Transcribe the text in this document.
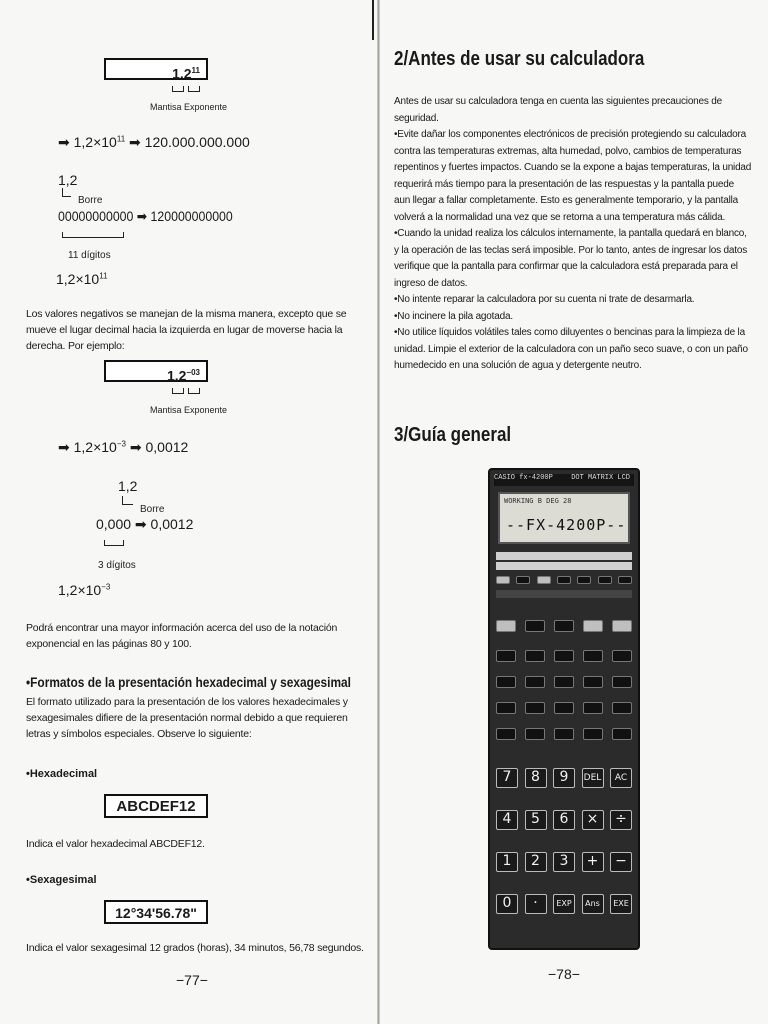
$1.2^{11}$
Mantisa Exponente
➡ $1,2\times 10^{11}$ ➡ 120.000.000.000
1,2
Borre
00000000000 ➡ 120000000000
11 dígitos
$1,2\times 10^{11}$
Los valores negativos se manejan de la misma manera, excepto que se mueve el lugar decimal hacia la izquierda en lugar de moverse hacia la derecha. Por ejemplo:
$1.2^{-03}$
Mantisa Exponente
➡ $1,2\times 10^{-3}$ ➡ 0,0012
1,2
Borre
0,000 ➡ 0,0012
3 dígitos
$1,2\times 10^{-3}$
Podrá encontrar una mayor información acerca del uso de la notación exponencial en las páginas 80 y 100.
•Formatos de la presentación hexadecimal y sexagesimal
El formato utilizado para la presentación de los valores hexadecimales y sexagesimales difiere de la presentación normal debido a que requieren letras y símbolos especiales. Observe lo siguiente:
•Hexadecimal
ABCDEF12
Indica el valor hexadecimal ABCDEF12.
•Sexagesimal
12°34'56.78"
Indica el valor sexagesimal 12 grados (horas), 34 minutos, 56,78 segundos.
−77−
2/Antes de usar su calculadora
Antes de usar su calculadora tenga en cuenta las siguientes precauciones de seguridad.
•Evite dañar los componentes electrónicos de precisión protegiendo su calculadora contra las temperaturas extremas, alta humedad, polvo, cambios de temperaturas repentinos y fuertes impactos. Cuando se la expone a bajas temperaturas, la unidad requerirá más tiempo para la presentación de las respuestas y la pantalla puede aun llegar a fallar completamente. Esto es generalmente temporario, y la pantalla volverá a la normalidad una vez que se retorna a una temperatura más cálida.
•Cuando la unidad realiza los cálculos internamente, la pantalla quedará en blanco, y la operación de las teclas será imposible. Por lo tanto, antes de ingresar los datos verifique que la pantalla para confirmar que la calculadora está preparada para el ingreso de datos.
•No intente reparar la calculadora por su cuenta ni trate de desarmarla.
•No incinere la pila agotada.
•No utilice líquidos volátiles tales como diluyentes o bencinas para la limpieza de la unidad. Limpie el exterior de la calculadora con un paño seco suave, o con un paño humedecido en una solución de agua y detergente neutro.
3/Guía general
CASIO fx-4200P	DOT MATRIX LCD
WORKING B DEG 28
--FX-4200P--
7	8	9	DEL	AC
4	5	6	×	÷
1	2	3	+	−
0	·	EXP	Ans	EXE
−78−
